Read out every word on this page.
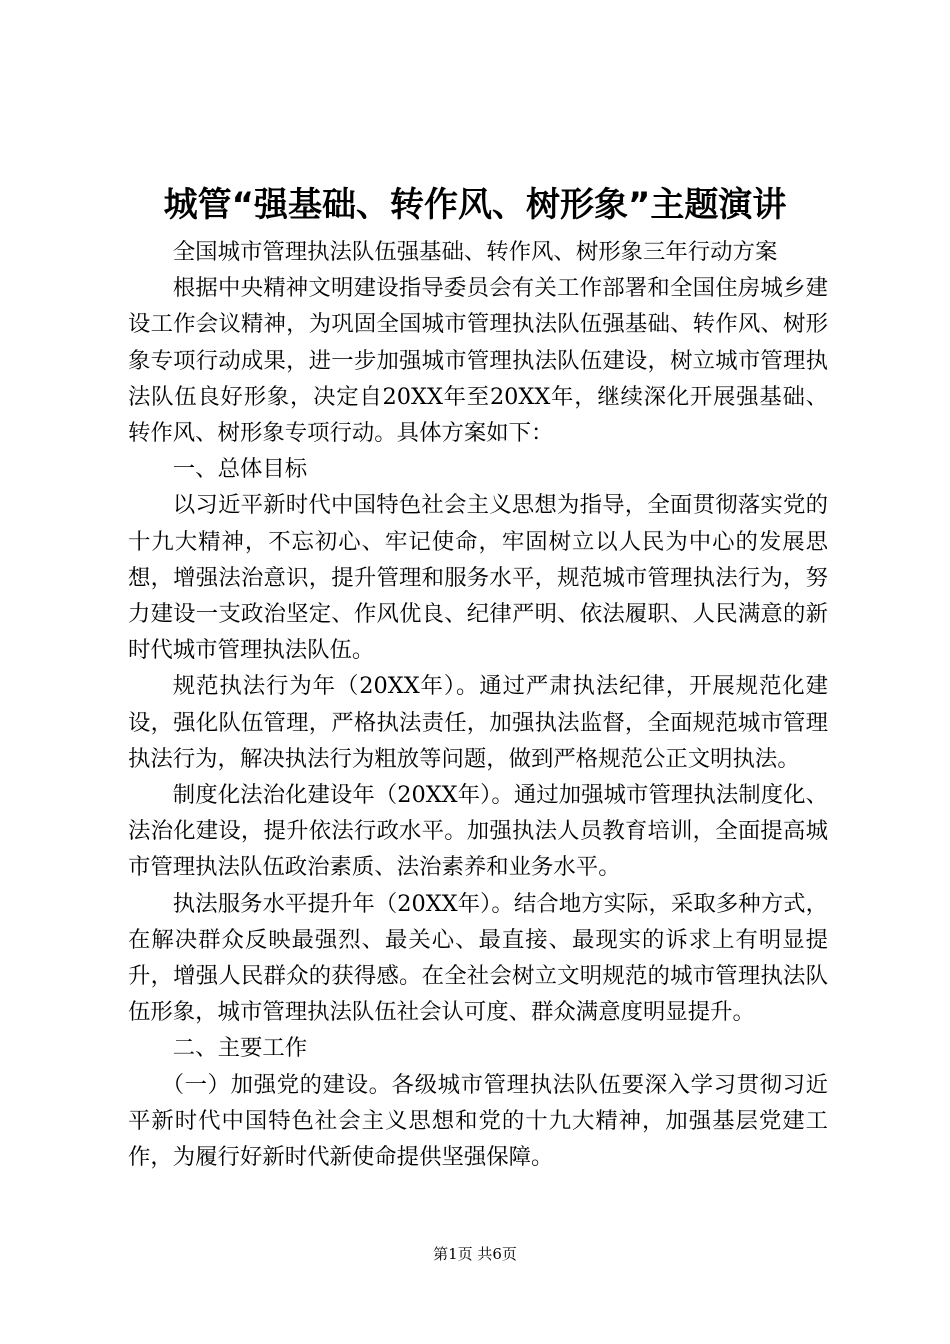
城管“强基础、转作风、树形象”主题演讲

全国城市管理执法队伍强基础、转作风、树形象三年行动方案

根据中央精神文明建设指导委员会有关工作部署和全国住房城乡建设工作会议精神，为巩固全国城市管理执法队伍强基础、转作风、树形象专项行动成果，进一步加强城市管理执法队伍建设，树立城市管理执法队伍良好形象，决定自20XX年至20XX年，继续深化开展强基础、转作风、树形象专项行动。具体方案如下：

一、总体目标

以习近平新时代中国特色社会主义思想为指导，全面贯彻落实党的十九大精神，不忘初心、牢记使命，牢固树立以人民为中心的发展思想，增强法治意识，提升管理和服务水平，规范城市管理执法行为，努力建设一支政治坚定、作风优良、纪律严明、依法履职、人民满意的新时代城市管理执法队伍。

规范执法行为年（20XX年）。通过严肃执法纪律，开展规范化建设，强化队伍管理，严格执法责任，加强执法监督，全面规范城市管理执法行为，解决执法行为粗放等问题，做到严格规范公正文明执法。

制度化法治化建设年（20XX年）。通过加强城市管理执法制度化、法治化建设，提升依法行政水平。加强执法人员教育培训，全面提高城市管理执法队伍政治素质、法治素养和业务水平。

执法服务水平提升年（20XX年）。结合地方实际，采取多种方式，在解决群众反映最强烈、最关心、最直接、最现实的诉求上有明显提升，增强人民群众的获得感。在全社会树立文明规范的城市管理执法队伍形象，城市管理执法队伍社会认可度、群众满意度明显提升。

二、主要工作

（一）加强党的建设。各级城市管理执法队伍要深入学习贯彻习近平新时代中国特色社会主义思想和党的十九大精神，加强基层党建工作，为履行好新时代新使命提供坚强保障。

第1页 共6页
